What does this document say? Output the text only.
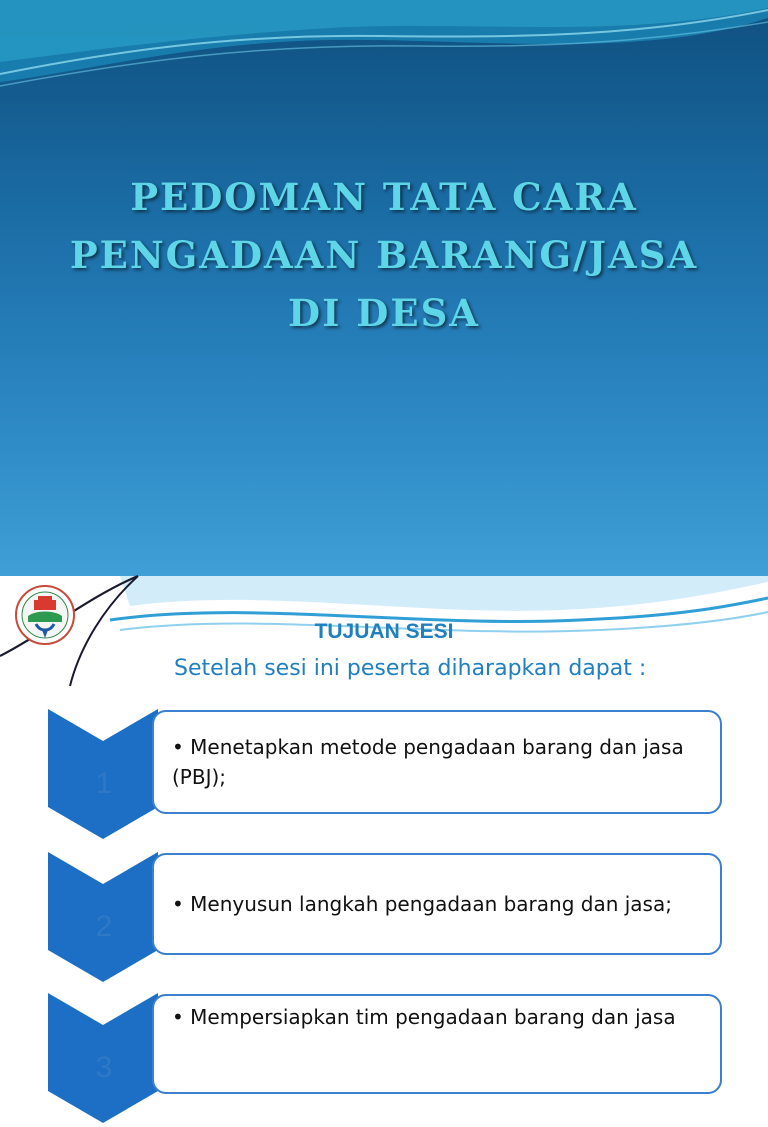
PEDOMAN TATA CARA
PENGADAAN BARANG/JASA
DI DESA

TUJUAN SESI

Setelah sesi ini peserta diharapkan dapat :

1

• Menetapkan metode pengadaan barang dan jasa (PBJ);

2

• Menyusun langkah pengadaan barang dan jasa;

3

• Mempersiapkan tim pengadaan barang dan jasa
